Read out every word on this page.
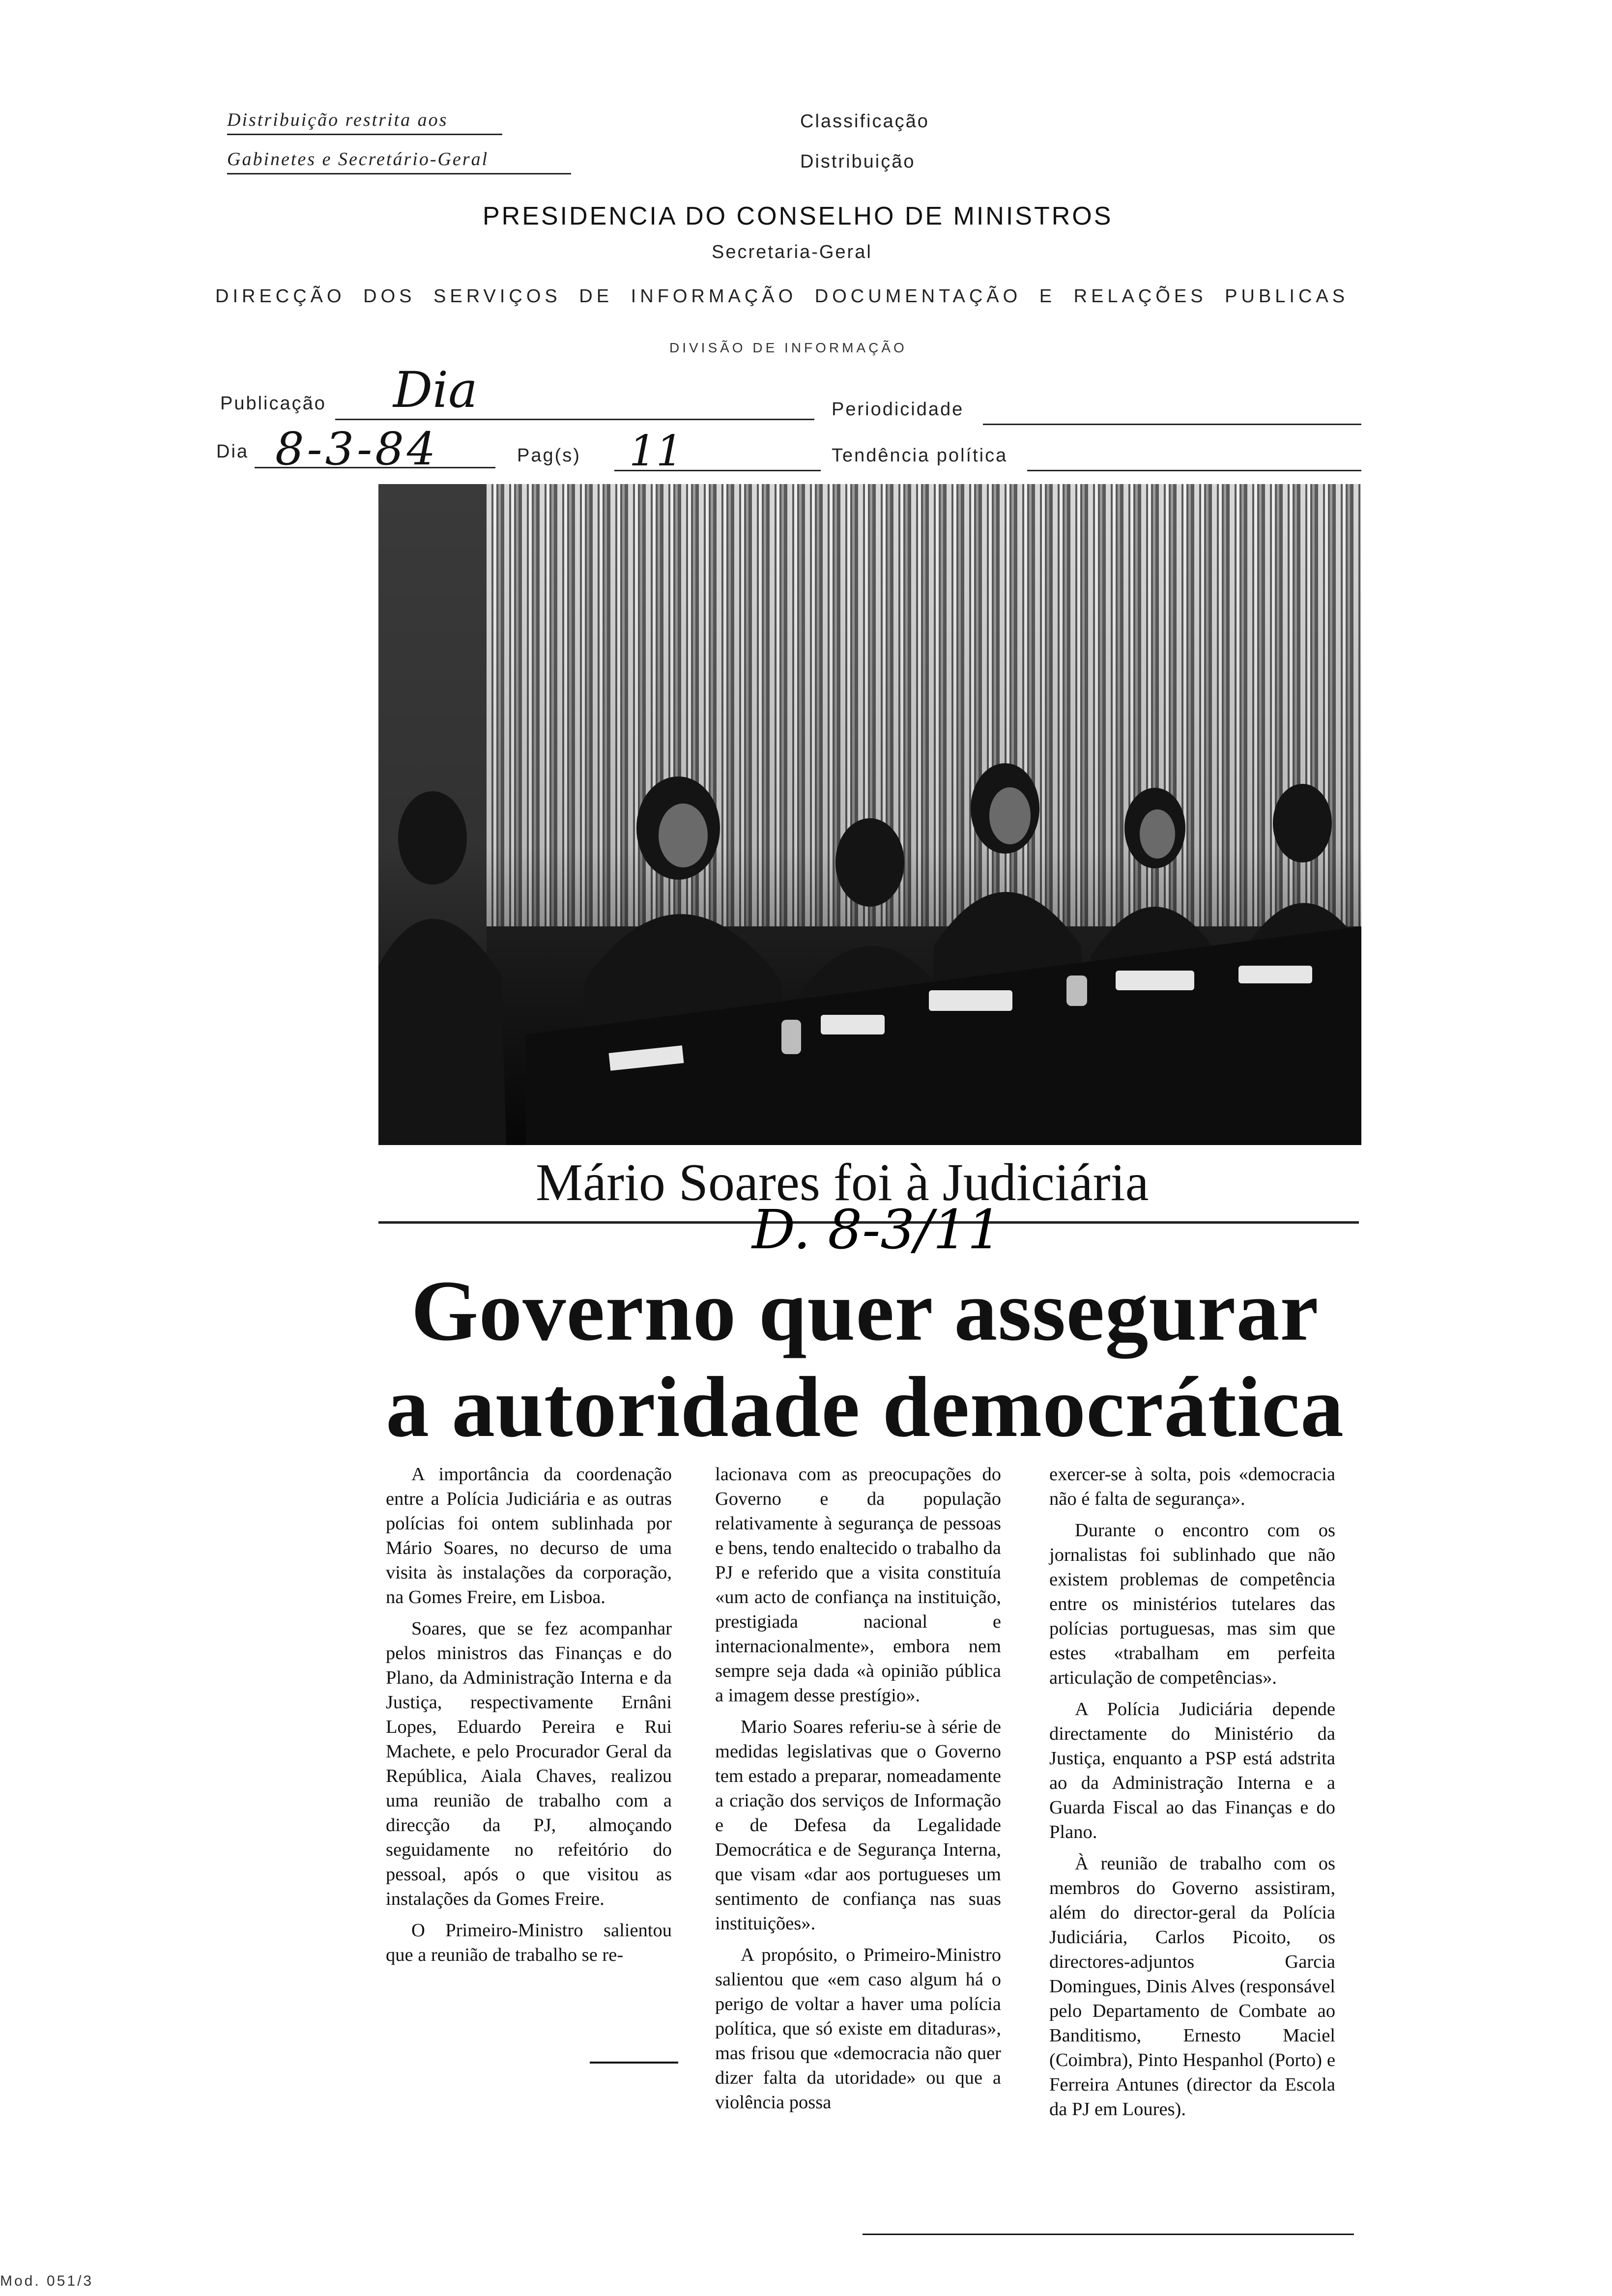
Distribuição restrita aos
Gabinetes e Secretário-Geral
Classificação
Distribuição
PRESIDENCIA DO CONSELHO DE MINISTROS
Secretaria-Geral
DIRECÇÃO DOS SERVIÇOS DE INFORMAÇÃO DOCUMENTAÇÃO E RELAÇÕES PUBLICAS
DIVISÃO DE INFORMAÇÃO
Publicação Dia	Periodicidade
Dia 8-3-84	Pag(s) 11	Tendência política
Mário Soares foi à Judiciária
D. 8-3/11
Governo quer assegurar
a autoridade democrática

A importância da coordenação entre a Polícia Judiciária e as outras polícias foi ontem sublinhada por Mário Soares, no decurso de uma visita às instalações da corporação, na Gomes Freire, em Lisboa.

Soares, que se fez acompanhar pelos ministros das Finanças e do Plano, da Administração Interna e da Justiça, respectivamente Ernâni Lopes, Eduardo Pereira e Rui Machete, e pelo Procurador Geral da República, Aiala Chaves, realizou uma reunião de trabalho com a direcção da PJ, almoçando seguidamente no refeitório do pessoal, após o que visitou as instalações da Gomes Freire.

O Primeiro-Ministro salientou que a reunião de trabalho se re-

lacionava com as preocupações do Governo e da população relativamente à segurança de pessoas e bens, tendo enaltecido o trabalho da PJ e referido que a visita constituía «um acto de confiança na instituição, prestigiada nacional e internacionalmente», embora nem sempre seja dada «à opinião pública a imagem desse prestígio».

Mario Soares referiu-se à série de medidas legislativas que o Governo tem estado a preparar, nomeadamente a criação dos serviços de Informação e de Defesa da Legalidade Democrática e de Segurança Interna, que visam «dar aos portugueses um sentimento de confiança nas suas instituições».

A propósito, o Primeiro-Ministro salientou que «em caso algum há o perigo de voltar a haver uma polícia política, que só existe em ditaduras», mas frisou que «democracia não quer dizer falta da utoridade» ou que a violência possa

exercer-se à solta, pois «democracia não é falta de segurança».

Durante o encontro com os jornalistas foi sublinhado que não existem problemas de competência entre os ministérios tutelares das polícias portuguesas, mas sim que estes «trabalham em perfeita articulação de competências».

A Polícia Judiciária depende directamente do Ministério da Justiça, enquanto a PSP está adstrita ao da Administração Interna e a Guarda Fiscal ao das Finanças e do Plano.

À reunião de trabalho com os membros do Governo assistiram, além do director-geral da Polícia Judiciária, Carlos Picoito, os directores-adjuntos Garcia Domingues, Dinis Alves (responsável pelo Departamento de Combate ao Banditismo, Ernesto Maciel (Coimbra), Pinto Hespanhol (Porto) e Ferreira Antunes (director da Escola da PJ em Loures).

Mod. 051/3
